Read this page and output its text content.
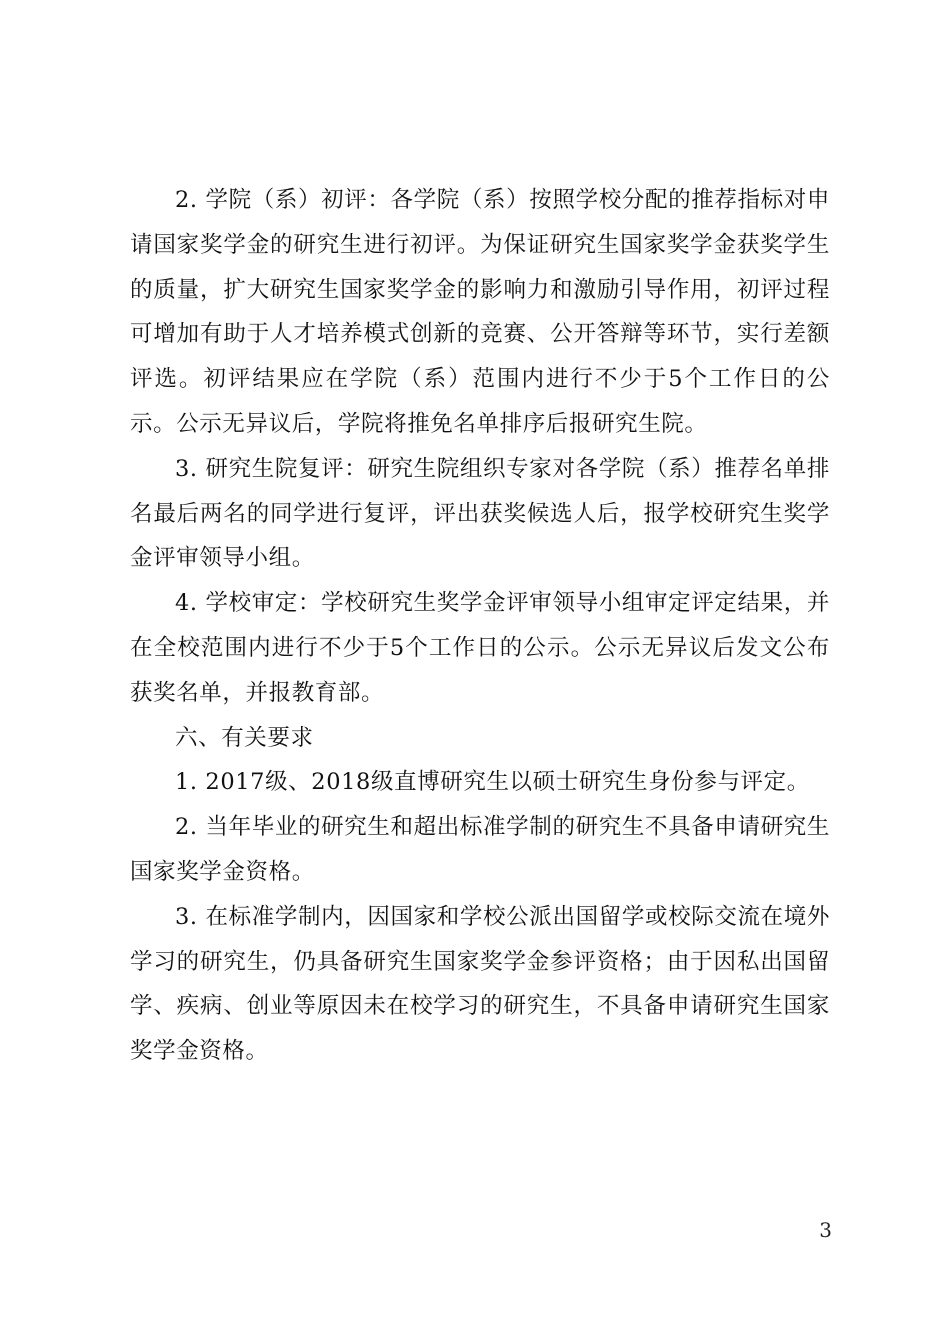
2. 学院（系）初评：各学院（系）按照学校分配的推荐指标对申请国家奖学金的研究生进行初评。为保证研究生国家奖学金获奖学生的质量，扩大研究生国家奖学金的影响力和激励引导作用，初评过程可增加有助于人才培养模式创新的竞赛、公开答辩等环节，实行差额评选。初评结果应在学院（系）范围内进行不少于5个工作日的公示。公示无异议后，学院将推免名单排序后报研究生院。

3. 研究生院复评：研究生院组织专家对各学院（系）推荐名单排名最后两名的同学进行复评，评出获奖候选人后，报学校研究生奖学金评审领导小组。

4. 学校审定：学校研究生奖学金评审领导小组审定评定结果，并在全校范围内进行不少于5个工作日的公示。公示无异议后发文公布获奖名单，并报教育部。

六、有关要求

1. 2017级、2018级直博研究生以硕士研究生身份参与评定。

2. 当年毕业的研究生和超出标准学制的研究生不具备申请研究生国家奖学金资格。

3. 在标准学制内，因国家和学校公派出国留学或校际交流在境外学习的研究生，仍具备研究生国家奖学金参评资格；由于因私出国留学、疾病、创业等原因未在校学习的研究生，不具备申请研究生国家奖学金资格。

3
